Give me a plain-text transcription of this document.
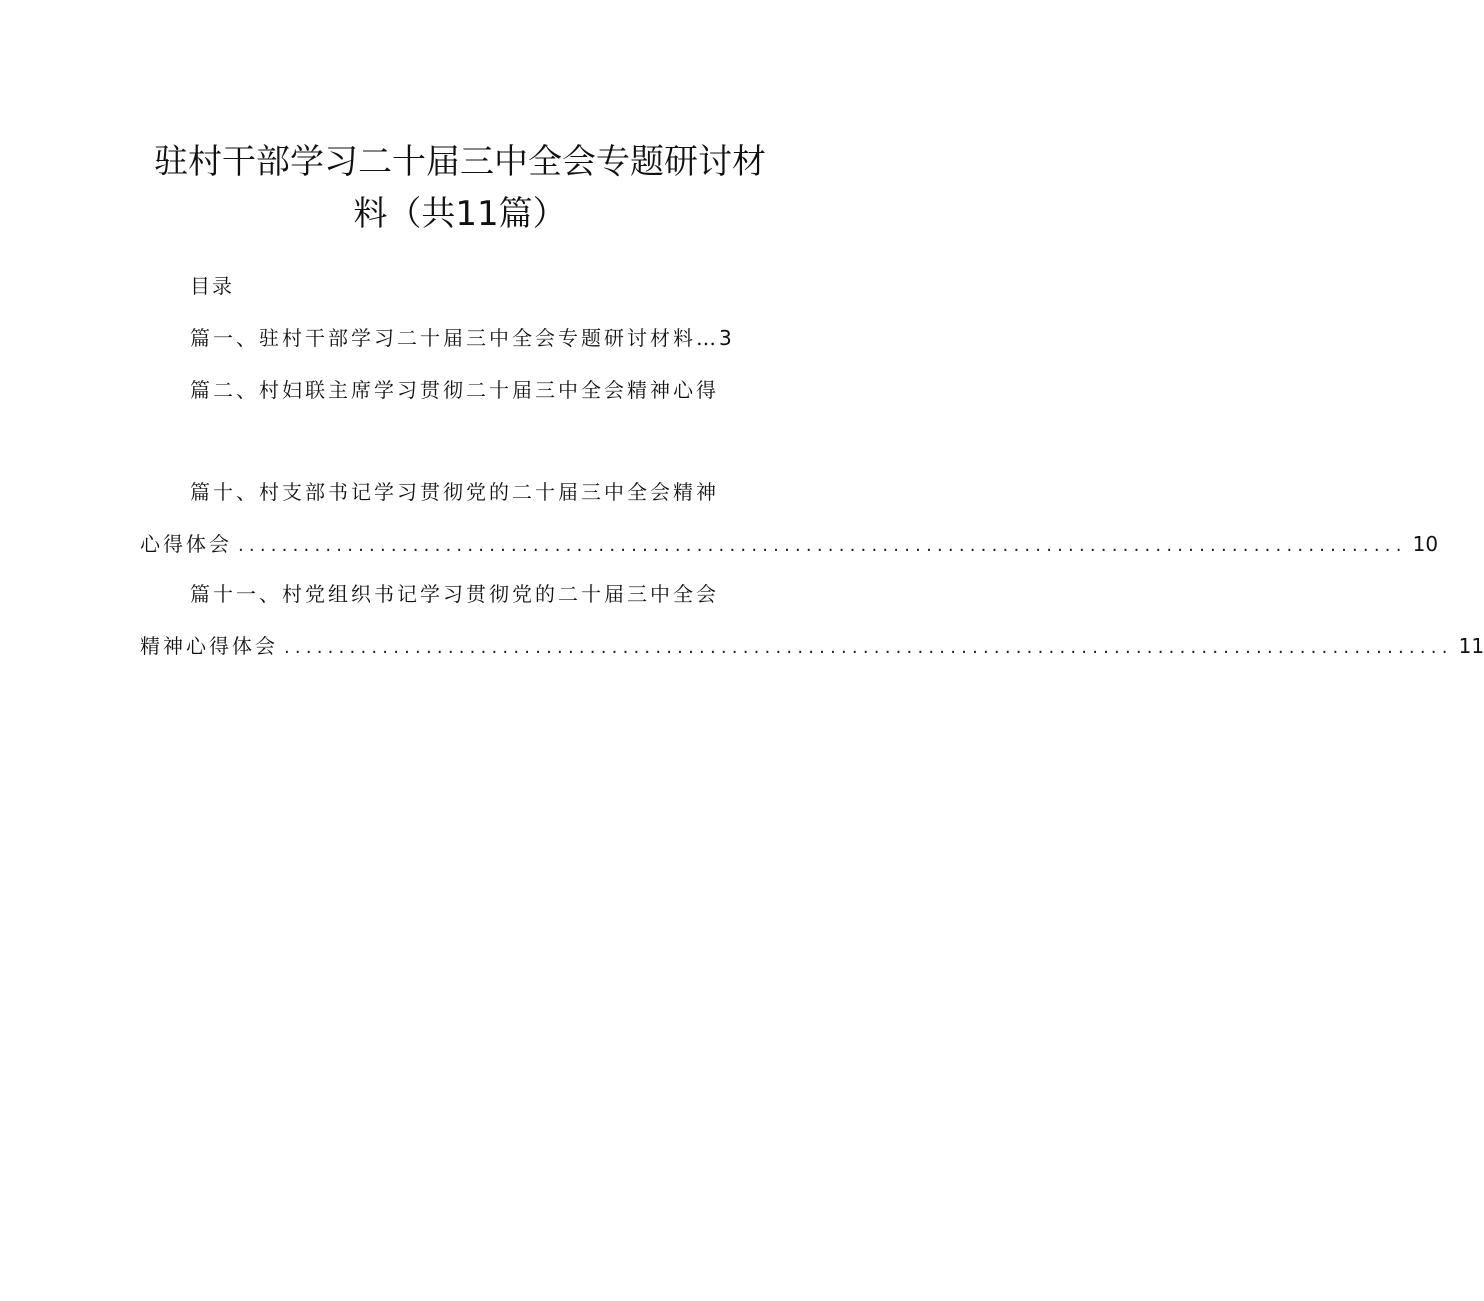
驻村干部学习二十届三中全会专题研讨材
料（共11篇）
目录
篇一、驻村干部学习二十届三中全会专题研讨材料…3
篇二、村妇联主席学习贯彻二十届三中全会精神心得
篇十、村支部书记学习贯彻党的二十届三中全会精神
心得体会 ........................................................................................................... 10
篇十一、村党组织书记学习贯彻党的二十届三中全会
精神心得体会 ........................................................................................................... 11
